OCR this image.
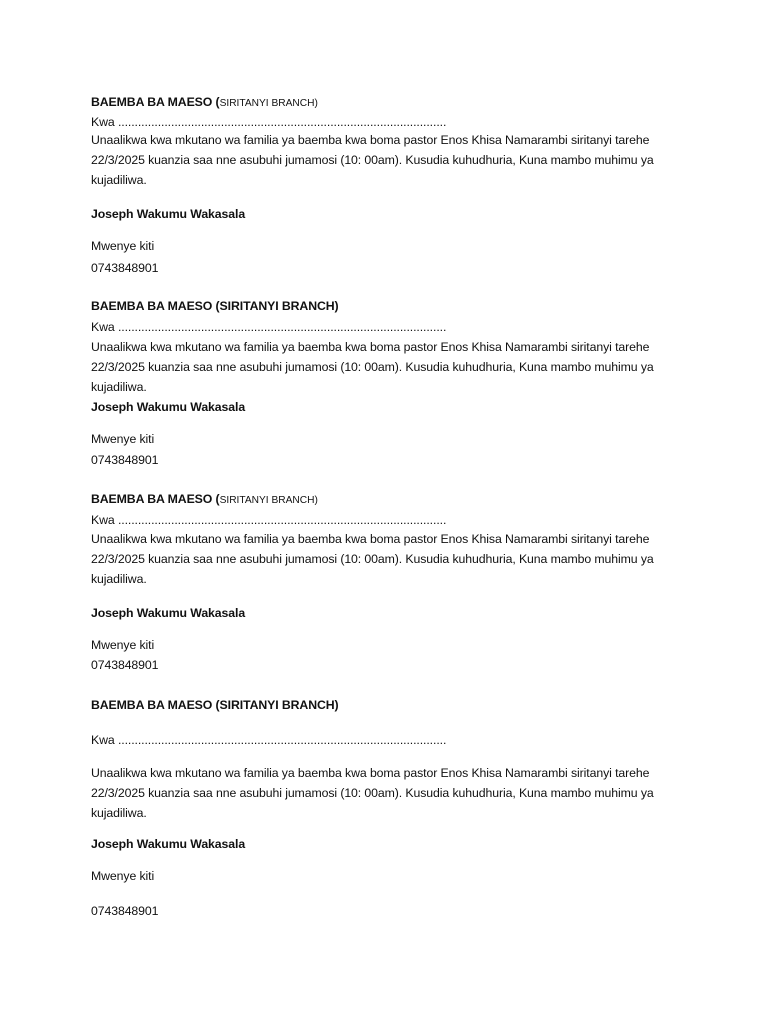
BAEMBA BA MAESO (SIRITANYI BRANCH)
Kwa ...................................................................................................
Unaalikwa kwa mkutano wa familia ya baemba kwa boma pastor Enos Khisa Namarambi siritanyi tarehe 22/3/2025 kuanzia saa nne asubuhi jumamosi (10: 00am). Kusudia kuhudhuria, Kuna mambo muhimu ya kujadiliwa.
Joseph Wakumu Wakasala
Mwenye kiti
0743848901
BAEMBA BA MAESO (SIRITANYI BRANCH)
Kwa ...................................................................................................
Unaalikwa kwa mkutano wa familia ya baemba kwa boma pastor Enos Khisa Namarambi siritanyi tarehe 22/3/2025 kuanzia saa nne asubuhi jumamosi (10: 00am). Kusudia kuhudhuria, Kuna mambo muhimu ya kujadiliwa.
Joseph Wakumu Wakasala
Mwenye kiti
0743848901
BAEMBA BA MAESO (SIRITANYI BRANCH)
Kwa ...................................................................................................
Unaalikwa kwa mkutano wa familia ya baemba kwa boma pastor Enos Khisa Namarambi siritanyi tarehe 22/3/2025 kuanzia saa nne asubuhi jumamosi (10: 00am). Kusudia kuhudhuria, Kuna mambo muhimu ya kujadiliwa.
Joseph Wakumu Wakasala
Mwenye kiti
0743848901
BAEMBA BA MAESO (SIRITANYI BRANCH)
Kwa ...................................................................................................
Unaalikwa kwa mkutano wa familia ya baemba kwa boma pastor Enos Khisa Namarambi siritanyi tarehe 22/3/2025 kuanzia saa nne asubuhi jumamosi (10: 00am). Kusudia kuhudhuria, Kuna mambo muhimu ya kujadiliwa.
Joseph Wakumu Wakasala
Mwenye kiti
0743848901
